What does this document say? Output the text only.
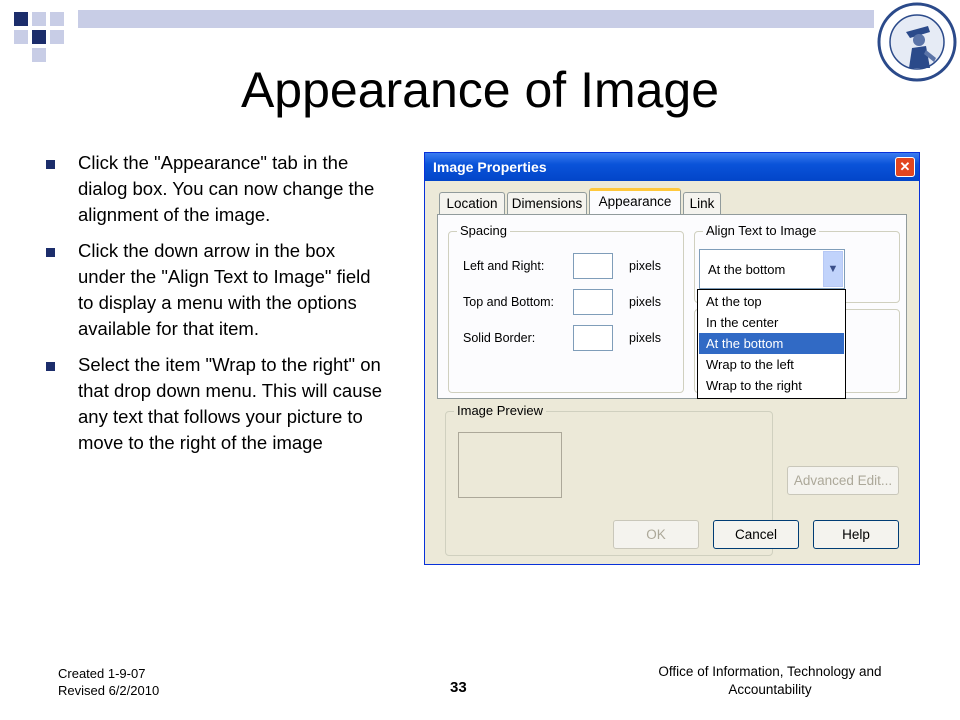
Appearance of Image
Click the "Appearance" tab in the dialog box. You can now change the alignment of the image.
Click the down arrow in the box under the "Align Text to Image" field to display a menu with the options available for that item.
Select the item "Wrap to the right" on that drop down menu. This will cause any text that follows your picture to move to the right of the image
Image Properties	✕
Location	Dimensions	Appearance	Link
Spacing
Left and Right:	pixels
Top and Bottom:	pixels
Solid Border:	pixels
Align Text to Image
At the bottom	▼
At the top
In the center
At the bottom
Wrap to the left
Wrap to the right
Image Preview
Advanced Edit...
OK	Cancel	Help
Created 1-9-07
Revised 6/2/2010	33
Office of Information, Technology and Accountability
